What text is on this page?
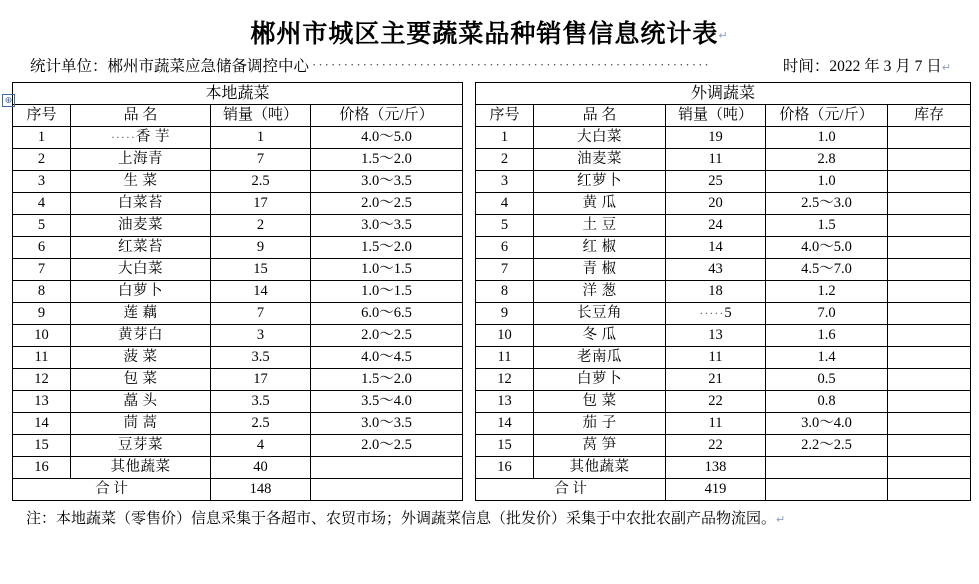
⊕
郴州市城区主要蔬菜品种销售信息统计表↵
统计单位：郴州市蔬菜应急储备调控中心 ·······························································	时间：2022 年 3 月 7 日 ↵
本地蔬菜			
序号	品 名	销量（吨）	价格（元/斤）
1	·····香 芋	1	4.0～5.0
2	上海青	7	1.5～2.0
3	生 菜	2.5	3.0～3.5
4	白菜苔	17	2.0～2.5
5	油麦菜	2	3.0～3.5
6	红菜苔	9	1.5～2.0
7	大白菜	15	1.0～1.5
8	白萝卜	14	1.0～1.5
9	莲 藕	7	6.0～6.5
10	黄芽白	3	2.0～2.5
11	菠 菜	3.5	4.0～4.5
12	包 菜	17	1.5～2.0
13	藠 头	3.5	3.5～4.0
14	茼 蒿	2.5	3.0～3.5
15	豆芽菜	4	2.0～2.5
16	其他蔬菜	40	
合 计		148	
外调蔬菜				
序号	品 名	销量（吨）	价格（元/斤）	库存
1	大白菜	19	1.0	
2	油麦菜	11	2.8	
3	红萝卜	25	1.0	
4	黄 瓜	20	2.5～3.0	
5	土 豆	24	1.5	
6	红 椒	14	4.0～5.0	
7	青 椒	43	4.5～7.0	
8	洋 葱	18	1.2	
9	长豆角	·····5	7.0	
10	冬 瓜	13	1.6	
11	老南瓜	11	1.4	
12	白萝卜	21	0.5	
13	包 菜	22	0.8	
14	茄 子	11	3.0～4.0	
15	莴 笋	22	2.2～2.5	
16	其他蔬菜	138		
合 计		419		
注：本地蔬菜（零售价）信息采集于各超市、农贸市场；外调蔬菜信息（批发价）采集于中农批农副产品物流园。↵
